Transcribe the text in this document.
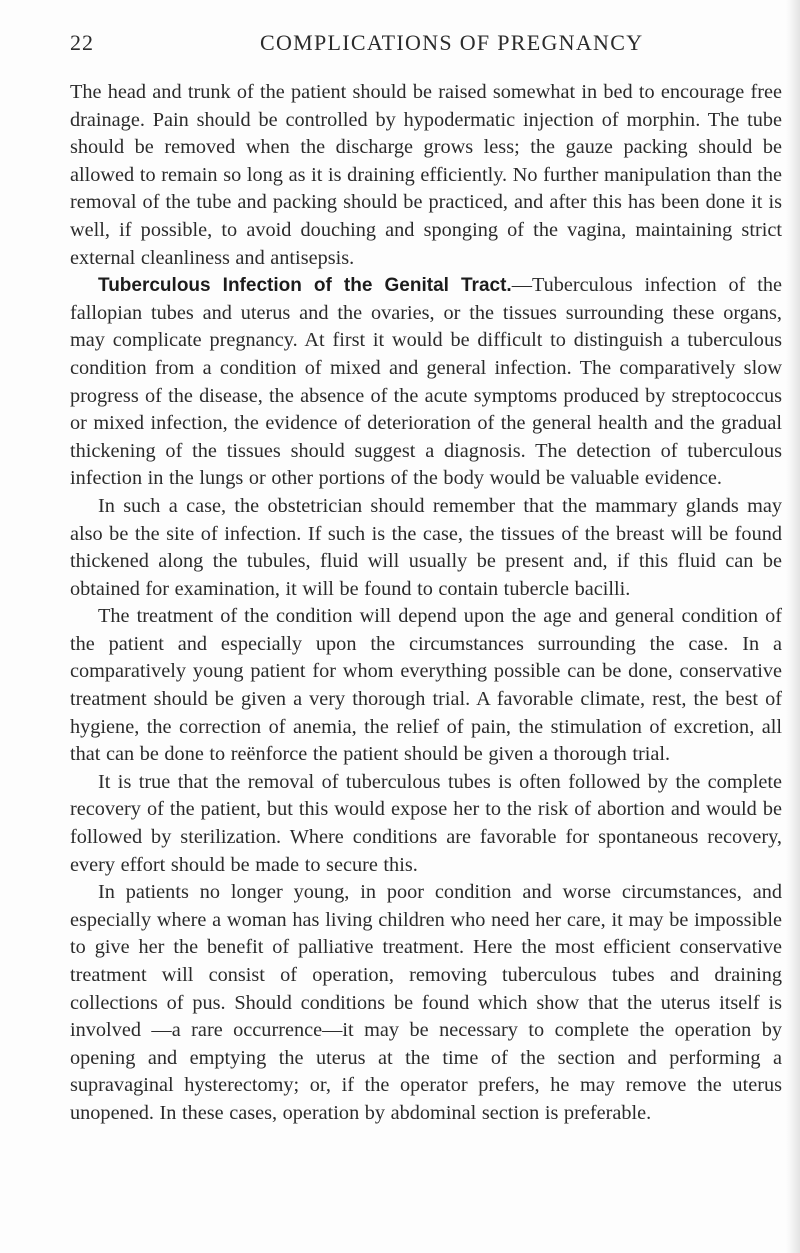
22	COMPLICATIONS OF PREGNANCY

The head and trunk of the patient should be raised somewhat in bed to encourage free drainage. Pain should be controlled by hypodermatic injection of morphin. The tube should be removed when the discharge grows less; the gauze packing should be allowed to remain so long as it is draining efficiently. No further manipulation than the removal of the tube and packing should be practiced, and after this has been done it is well, if possible, to avoid douching and sponging of the vagina, maintaining strict external cleanliness and antisepsis.

Tuberculous Infection of the Genital Tract.—Tuberculous infection of the fallopian tubes and uterus and the ovaries, or the tissues surrounding these organs, may complicate pregnancy. At first it would be difficult to distinguish a tuberculous condition from a condition of mixed and general infection. The comparatively slow progress of the disease, the absence of the acute symptoms produced by streptococcus or mixed infection, the evidence of deterioration of the general health and the gradual thickening of the tissues should suggest a diagnosis. The detection of tuberculous infection in the lungs or other portions of the body would be valuable evidence.

In such a case, the obstetrician should remember that the mammary glands may also be the site of infection. If such is the case, the tissues of the breast will be found thickened along the tubules, fluid will usually be present and, if this fluid can be obtained for examination, it will be found to contain tubercle bacilli.

The treatment of the condition will depend upon the age and general condition of the patient and especially upon the circumstances surrounding the case. In a comparatively young patient for whom everything possible can be done, conservative treatment should be given a very thorough trial. A favorable climate, rest, the best of hygiene, the correction of anemia, the relief of pain, the stimulation of excretion, all that can be done to reënforce the patient should be given a thorough trial.

It is true that the removal of tuberculous tubes is often followed by the complete recovery of the patient, but this would expose her to the risk of abortion and would be followed by sterilization. Where conditions are favorable for spontaneous recovery, every effort should be made to secure this.

In patients no longer young, in poor condition and worse circumstances, and especially where a woman has living children who need her care, it may be impossible to give her the benefit of palliative treatment. Here the most efficient conservative treatment will consist of operation, removing tuberculous tubes and draining collections of pus. Should conditions be found which show that the uterus itself is involved —a rare occurrence—it may be necessary to complete the operation by opening and emptying the uterus at the time of the section and performing a supravaginal hysterectomy; or, if the operator prefers, he may remove the uterus unopened. In these cases, operation by abdominal section is preferable.
